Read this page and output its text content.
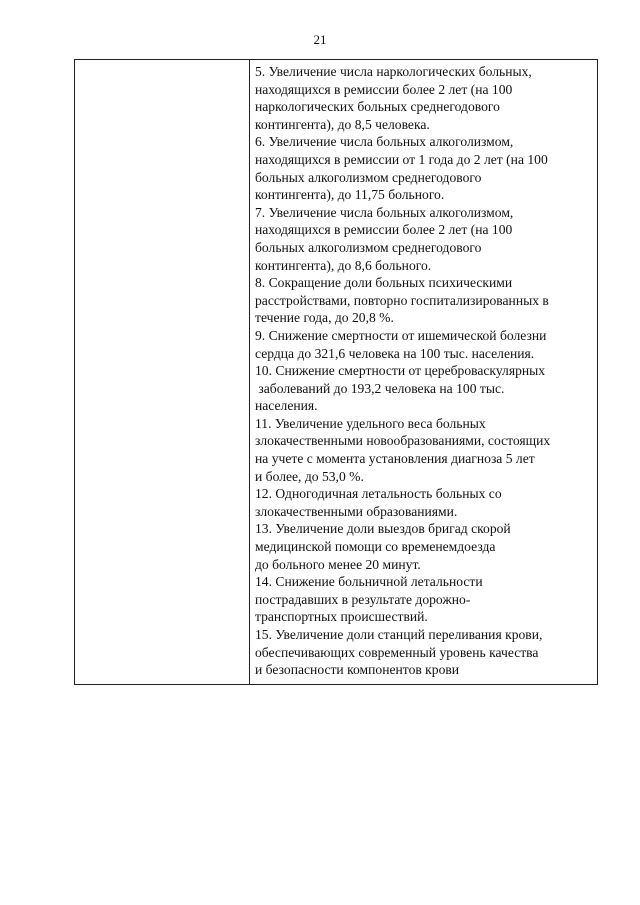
21

5. Увеличение числа наркологических больных,
находящихся в ремиссии более 2 лет (на 100
наркологических больных среднегодового
контингента), до 8,5 человека.
6. Увеличение числа больных алкоголизмом,
находящихся в ремиссии от 1 года до 2 лет (на 100
больных алкоголизмом среднегодового
контингента), до 11,75 больного.
7. Увеличение числа больных алкоголизмом,
находящихся в ремиссии более 2 лет (на 100
больных алкоголизмом среднегодового
контингента), до 8,6 больного.
8. Сокращение доли больных психическими
расстройствами, повторно госпитализированных в
течение года, до 20,8 %.
9. Снижение смертности от ишемической болезни
сердца до 321,6 человека на 100 тыс. населения.
10. Снижение смертности от цереброваскулярных
заболеваний до 193,2 человека на 100 тыс.
населения.
11. Увеличение удельного веса больных
злокачественными новообразованиями, состоящих
на учете с момента установления диагноза 5 лет
и более, до 53,0 %.
12. Одногодичная летальность больных со
злокачественными образованиями.
13. Увеличение доли выездов бригад скорой
медицинской помощи со временемдоезда
до больного менее 20 минут.
14. Снижение больничной летальности
пострадавших в результате дорожно-
транспортных происшествий.
15. Увеличение доли станций переливания крови,
обеспечивающих современный уровень качества
и безопасности компонентов крови
